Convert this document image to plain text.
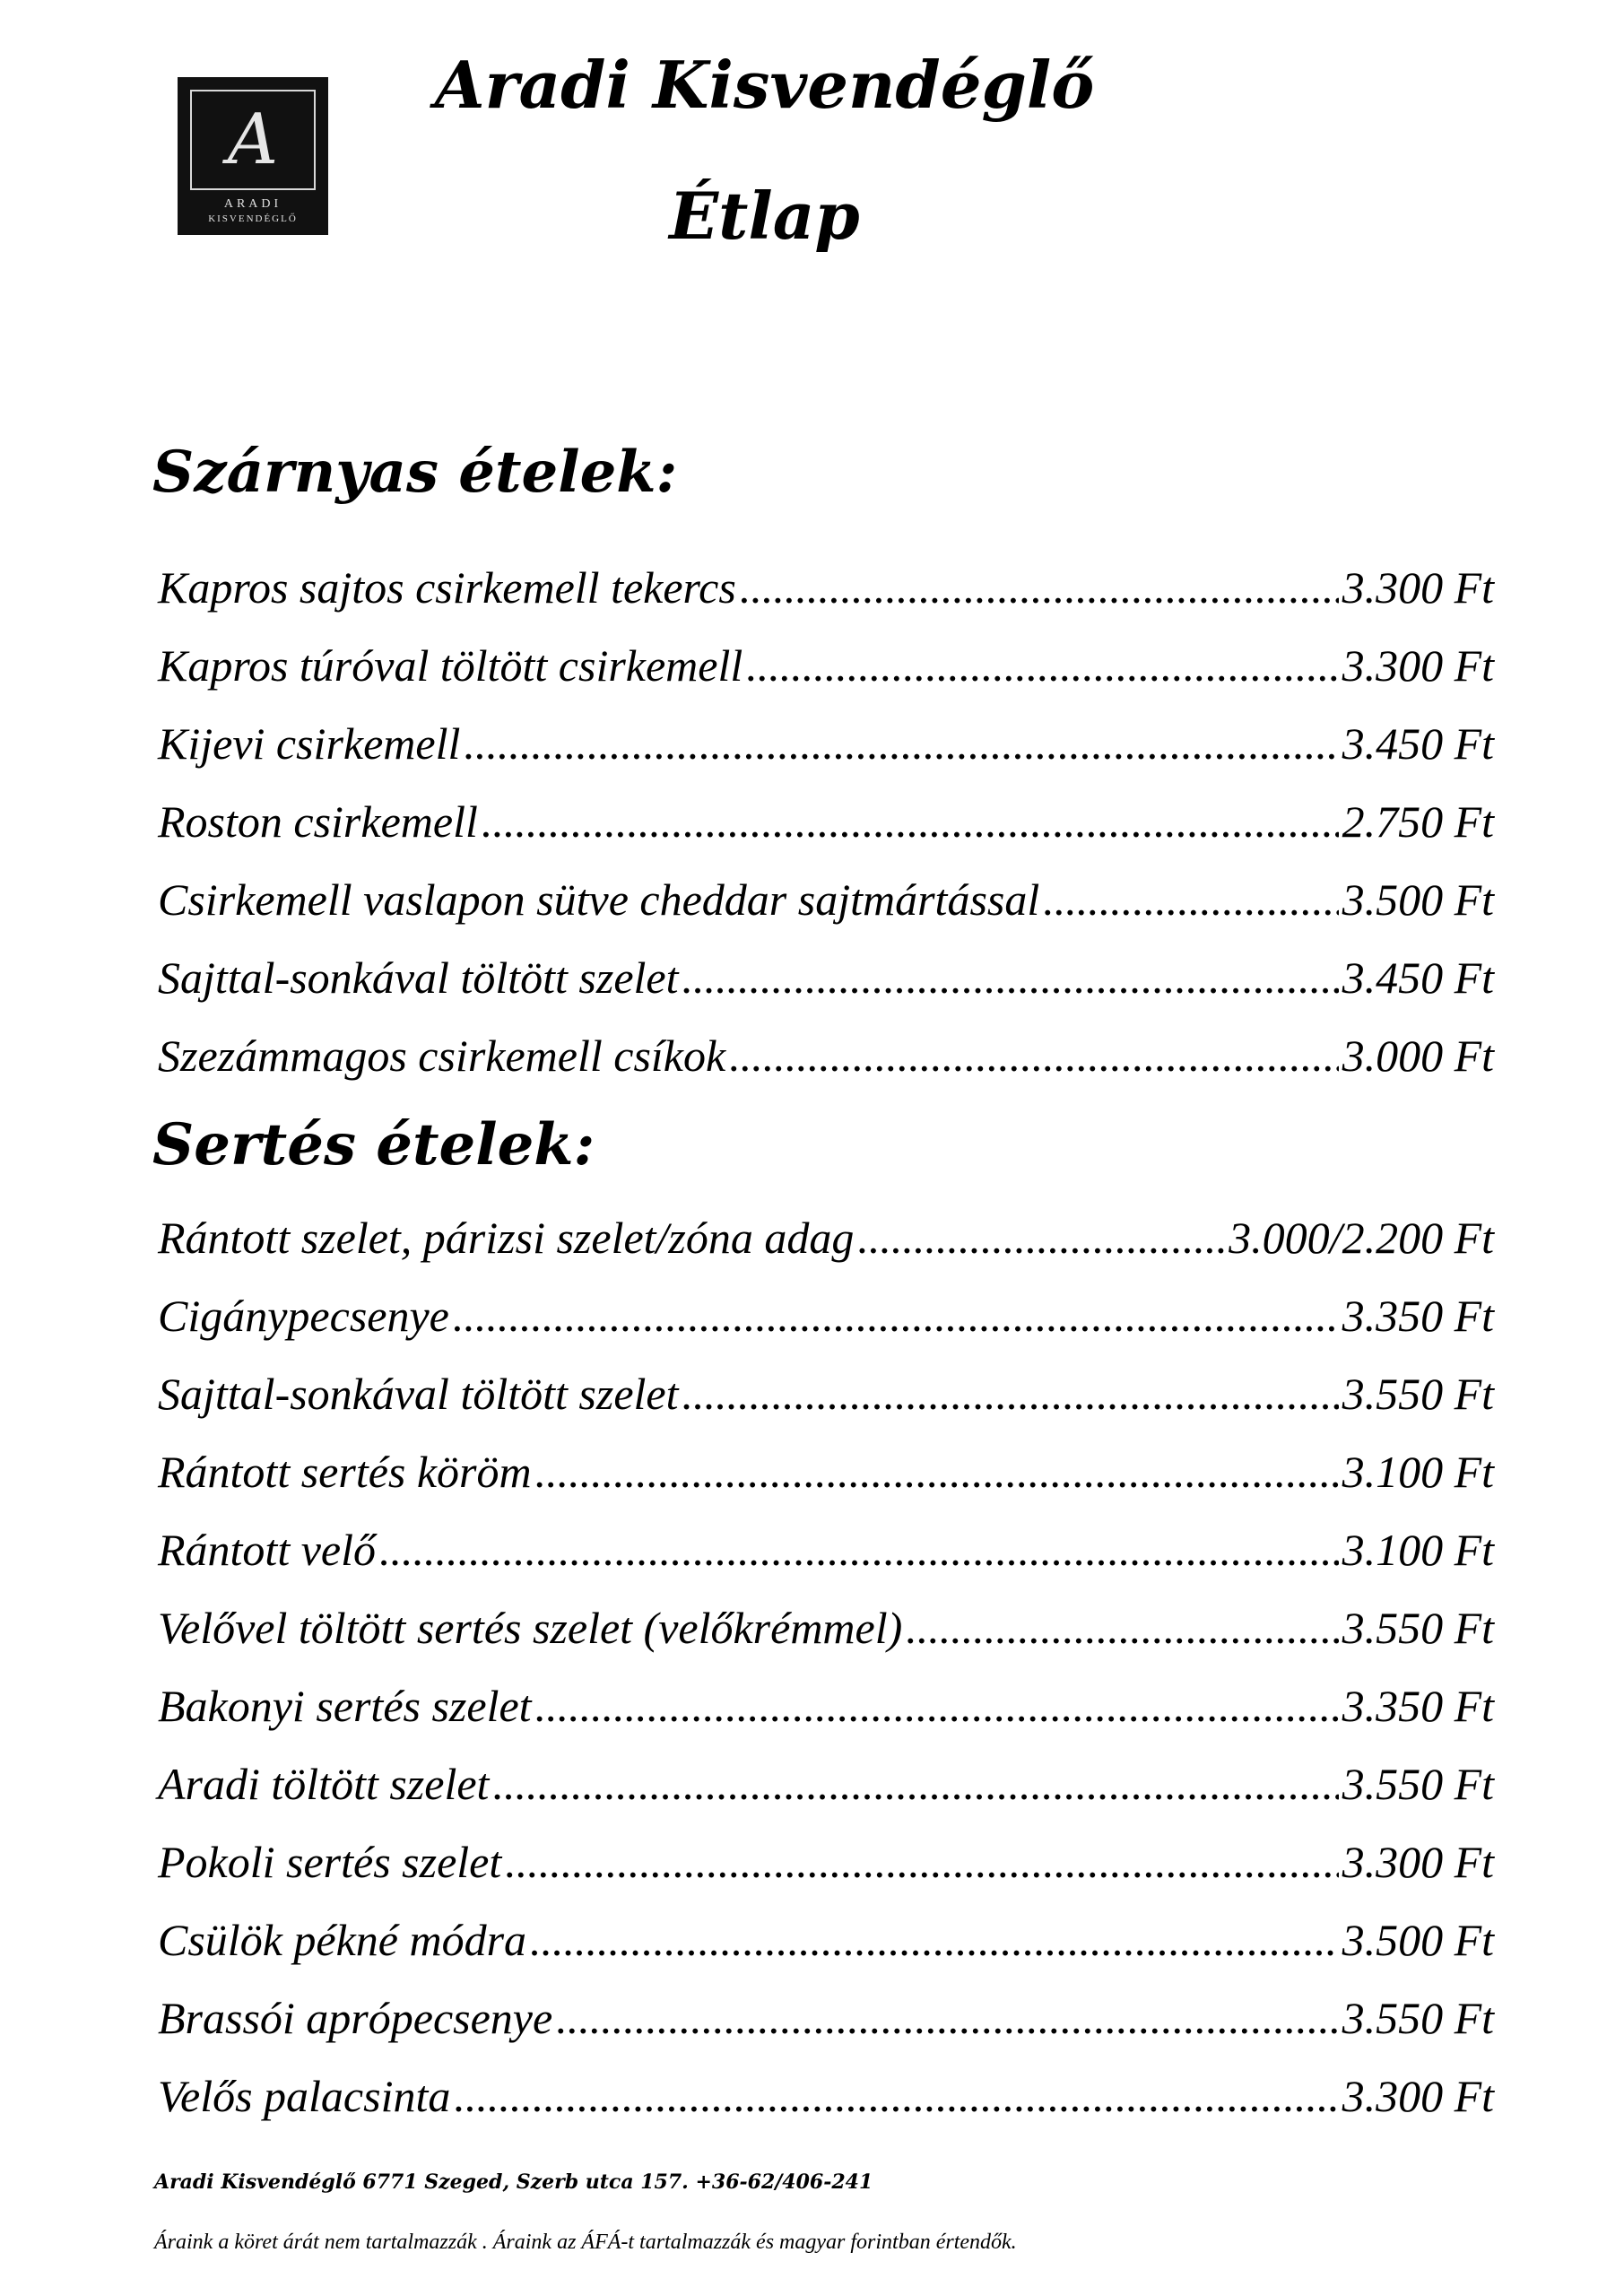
A
ARADI
KISVENDÉGLŐ
Aradi Kisvendéglő
Étlap
Szárnyas ételek:
Kapros sajtos csirkemell tekercs .....	3.300 Ft
Kapros túróval töltött csirkemell .....	3.300 Ft
Kijevi csirkemell .....	3.450 Ft
Roston csirkemell .....	2.750 Ft
Csirkemell vaslapon sütve cheddar sajtmártással .....	3.500 Ft
Sajttal-sonkával töltött szelet .....	3.450 Ft
Szezámmagos csirkemell csíkok .....	3.000 Ft
Sertés ételek:
Rántott szelet, párizsi szelet/zóna adag .....	3.000/2.200 Ft
Cigánypecsenye .....	3.350 Ft
Sajttal-sonkával töltött szelet .....	3.550 Ft
Rántott sertés köröm .....	3.100 Ft
Rántott velő .....	3.100 Ft
Velővel töltött sertés szelet (velőkrémmel) .....	3.550 Ft
Bakonyi sertés szelet .....	3.350 Ft
Aradi töltött szelet .....	3.550 Ft
Pokoli sertés szelet .....	3.300 Ft
Csülök pékné módra .....	3.500 Ft
Brassói aprópecsenye .....	3.550 Ft
Velős palacsinta .....	3.300 Ft
Aradi Kisvendéglő 6771 Szeged, Szerb utca 157. +36-62/406-241
Áraink a köret árát nem tartalmazzák . Áraink az ÁFÁ-t tartalmazzák és magyar forintban értendők.
